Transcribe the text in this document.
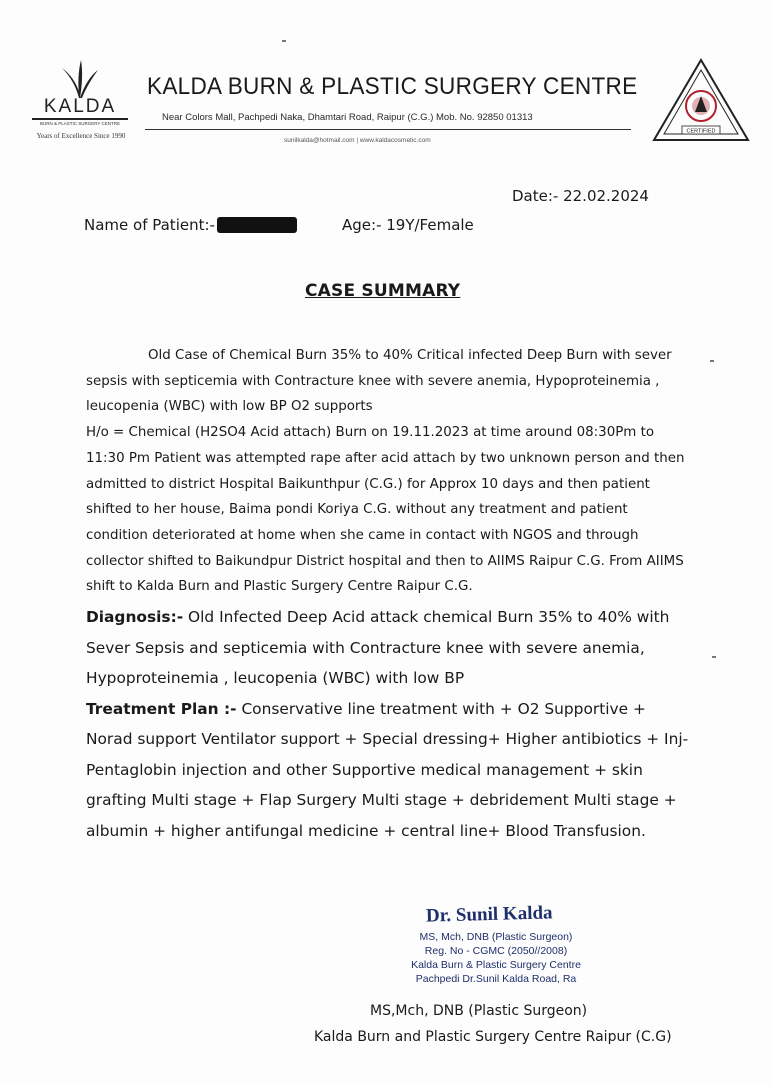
KALDA
BURN & PLASTIC SURGERY CENTRE
Years of Excellence Since 1990
KALDA BURN & PLASTIC SURGERY CENTRE
Near Colors Mall, Pachpedi Naka, Dhamtari Road, Raipur (C.G.) Mob. No. 92850 01313
sunilkalda@hotmail.com | www.kaldacosmetic.com
CERTIFIED
Date:- 22.02.2024
Name of Patient:-	Age:- 19Y/Female
CASE SUMMARY

Old Case of Chemical Burn 35% to 40% Critical infected Deep Burn with sever sepsis with septicemia with Contracture knee with severe anemia, Hypoproteinemia , leucopenia (WBC) with low BP O2 supports

H/o = Chemical (H2SO4 Acid attach) Burn on 19.11.2023 at time around 08:30Pm to 11:30 Pm Patient was attempted rape after acid attach by two unknown person and then admitted to district Hospital Baikunthpur (C.G.) for Approx 10 days and then patient shifted to her house, Baima pondi Koriya C.G. without any treatment and patient condition deteriorated at home when she came in contact with NGOS and through collector shifted to Baikundpur District hospital and then to AIIMS Raipur C.G. From AIIMS shift to Kalda Burn and Plastic Surgery Centre Raipur C.G.

Diagnosis:- Old Infected Deep Acid attack chemical Burn 35% to 40% with Sever Sepsis and septicemia with Contracture knee with severe anemia, Hypoproteinemia , leucopenia (WBC) with low BP

Treatment Plan :- Conservative line treatment with + O2 Supportive + Norad support Ventilator support + Special dressing+ Higher antibiotics + Inj- Pentaglobin injection and other Supportive medical management + skin grafting Multi stage + Flap Surgery Multi stage + debridement Multi stage + albumin + higher antifungal medicine + central line+ Blood Transfusion.

Dr. Sunil Kalda
MS, Mch, DNB (Plastic Surgeon)
Reg. No - CGMC (2050//2008)
Kalda Burn & Plastic Surgery Centre
Pachpedi Dr.Sunil Kalda Road, Ra
MS,Mch, DNB (Plastic Surgeon)
Kalda Burn and Plastic Surgery Centre Raipur (C.G)
